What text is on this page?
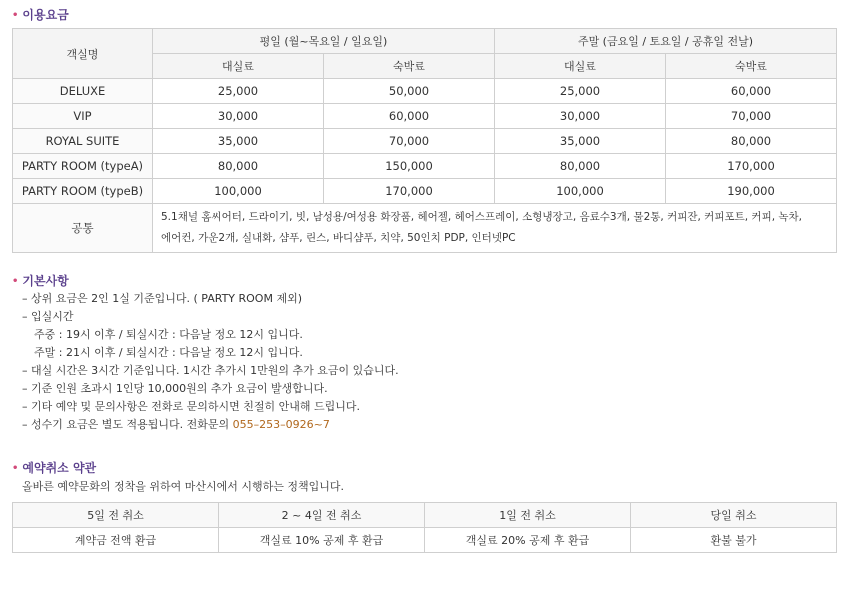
• 이용요금
객실명	평일 (월~목요일 / 일요일)		주말 (금요일 / 토요일 / 공휴일 전날)	
	대실료	숙박료	대실료	숙박료
DELUXE	25,000	50,000	25,000	60,000
VIP	30,000	60,000	30,000	70,000
ROYAL SUITE	35,000	70,000	35,000	80,000
PARTY ROOM (typeA)	80,000	150,000	80,000	170,000
PARTY ROOM (typeB)	100,000	170,000	100,000	190,000
공통	5.1채널 홈씨어터, 드라이기, 빗, 남성용/여성용 화장품, 헤어젤, 헤어스프레이, 소형냉장고, 음료수3개, 물2통, 커피잔, 커피포트, 커피, 녹차,
에어컨, 가운2개, 실내화, 샴푸, 린스, 바디샴푸, 치약, 50인치 PDP, 인터넷PC			
• 기본사항
– 상위 요금은 2인 1실 기준입니다. ( PARTY ROOM 제외)
– 입실시간
주중 : 19시 이후 / 퇴실시간 : 다음날 정오 12시 입니다.
주말 : 21시 이후 / 퇴실시간 : 다음날 정오 12시 입니다.
– 대실 시간은 3시간 기준입니다. 1시간 추가시 1만원의 추가 요금이 있습니다.
– 기준 인원 초과시 1인당 10,000원의 추가 요금이 발생합니다.
– 기타 예약 및 문의사항은 전화로 문의하시면 친절히 안내해 드립니다.
– 성수기 요금은 별도 적용됩니다. 전화문의 055–253–0926~7
• 예약취소 약관
올바른 예약문화의 정착을 위하여 마산시에서 시행하는 정책입니다.
5일 전 취소	2 ~ 4일 전 취소	1일 전 취소	당일 취소
계약금 전액 환급	객실료 10% 공제 후 환급	객실료 20% 공제 후 환급	환불 불가
